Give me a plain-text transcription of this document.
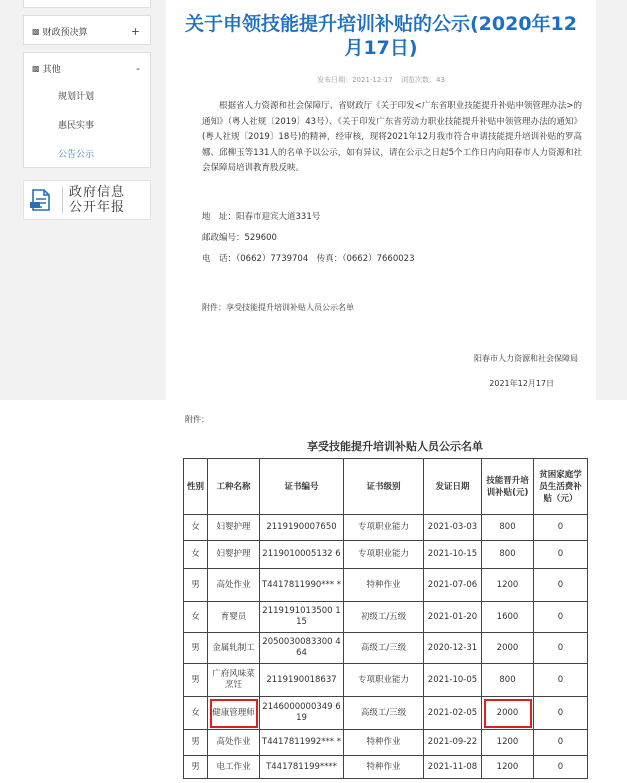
▩ 财政预决算	+
▩ 其他	-
规划计划
惠民实事
公告公示
政府信息
公开年报
关于申领技能提升培训补贴的公示(2020年12月17日)
发布日期：2021-12-17 浏览次数：43

根据省人力资源和社会保障厅、省财政厅《关于印发<广东省职业技能提升补贴申领管理办法>的通知》（粤人社规〔2019〕43号）、《关于印发广东省劳动力职业技能提升补贴申领管理办法的通知》(粤人社规〔2019〕18号)的精神，经审核，现将2021年12月我市符合申请技能提升培训补贴的罗高娜、邱柳玉等131人的名单予以公示，如有异议，请在公示之日起5个工作日内向阳春市人力资源和社会保障局培训教育股反映。

地　址：阳春市迎宾大道331号
邮政编号：529600
电　话：（0662）7739704　传真：（0662）7660023
附件：享受技能提升培训补贴人员公示名单
阳春市人力资源和社会保障局
2021年12月17日
附件：
享受技能提升培训补贴人员公示名单
性别	工种名称	证书编号	证书级别	发证日期	技能晋升培训补贴(元)	贫困家庭学员生活费补贴（元）
女	妇婴护理	2119190007650	专项职业能力	2021-03-03	800	0
女	妇婴护理	2119010005132 6	专项职业能力	2021-10-15	800	0
男	高处作业	T4417811990*** *	特种作业	2021-07-06	1200	0
女	育婴员	2119191013500 115	初级工/五级	2021-01-20	1600	0
男	金属轧制工	2050030083300 464	高级工/三级	2020-12-31	2000	0
男	广府风味菜烹饪	2119190018637	专项职业能力	2021-10-05	800	0
女	健康管理师	2146000000349 619	高级工/三级	2021-02-05	2000	0
男	高处作业	T4417811992*** *	特种作业	2021-09-22	1200	0
男	电工作业	T441781199****	特种作业	2021-11-08	1200	0
